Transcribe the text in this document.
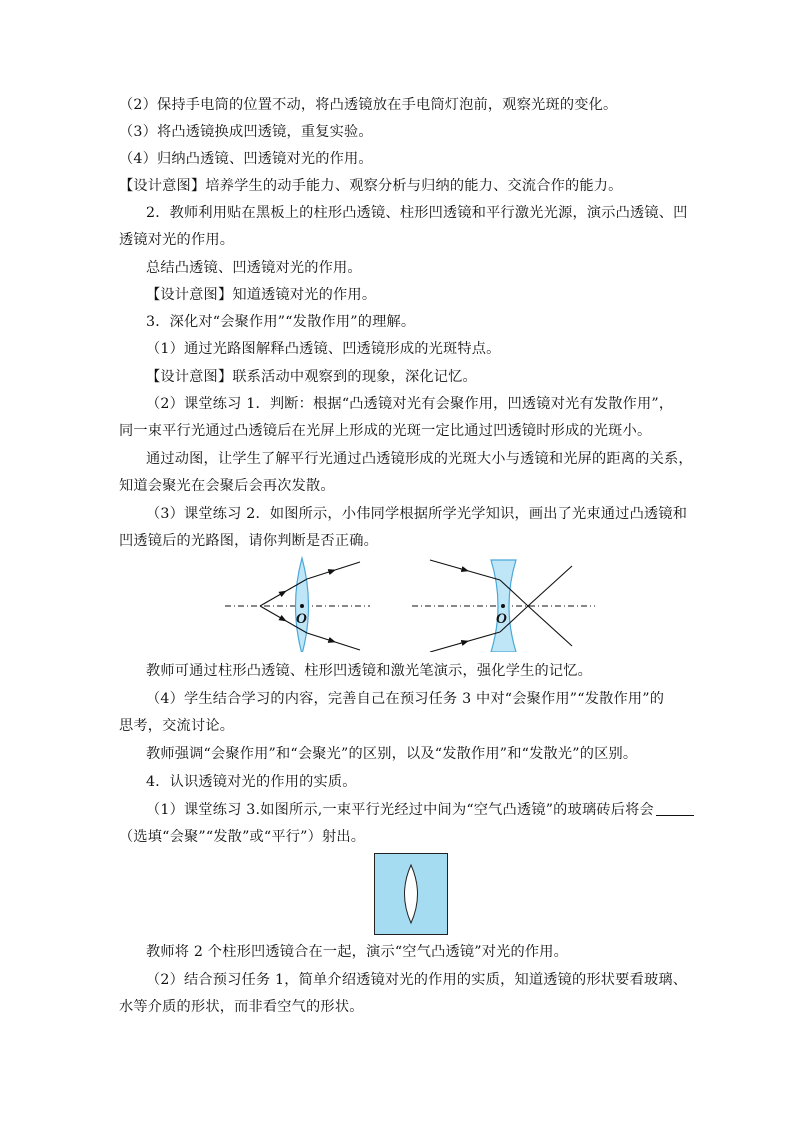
（2）保持手电筒的位置不动，将凸透镜放在手电筒灯泡前，观察光斑的变化。
（3）将凸透镜换成凹透镜，重复实验。
（4）归纳凸透镜、凹透镜对光的作用。
【设计意图】培养学生的动手能力、观察分析与归纳的能力、交流合作的能力。
2．教师利用贴在黑板上的柱形凸透镜、柱形凹透镜和平行激光光源，演示凸透镜、凹
透镜对光的作用。
总结凸透镜、凹透镜对光的作用。
【设计意图】知道透镜对光的作用。
3．深化对“会聚作用”“发散作用”的理解。
（1）通过光路图解释凸透镜、凹透镜形成的光斑特点。
【设计意图】联系活动中观察到的现象，深化记忆。
（2）课堂练习 1．判断：根据“凸透镜对光有会聚作用，凹透镜对光有发散作用”，
同一束平行光通过凸透镜后在光屏上形成的光斑一定比通过凹透镜时形成的光斑小。
通过动图，让学生了解平行光通过凸透镜形成的光斑大小与透镜和光屏的距离的关系，
知道会聚光在会聚后会再次发散。
（3）课堂练习 2．如图所示，小伟同学根据所学光学知识，画出了光束通过凸透镜和
凹透镜后的光路图，请你判断是否正确。
O	O
教师可通过柱形凸透镜、柱形凹透镜和激光笔演示，强化学生的记忆。
（4）学生结合学习的内容，完善自己在预习任务 3 中对“会聚作用”“发散作用”的
思考，交流讨论。
教师强调“会聚作用”和“会聚光”的区别，以及“发散作用”和“发散光”的区别。
4．认识透镜对光的作用的实质。
（1）课堂练习 3.如图所示,一束平行光经过中间为“空气凸透镜”的玻璃砖后将会
（选填“会聚”“发散”或“平行”）射出。
教师将 2 个柱形凹透镜合在一起，演示“空气凸透镜”对光的作用。
（2）结合预习任务 1，简单介绍透镜对光的作用的实质，知道透镜的形状要看玻璃、
水等介质的形状，而非看空气的形状。
